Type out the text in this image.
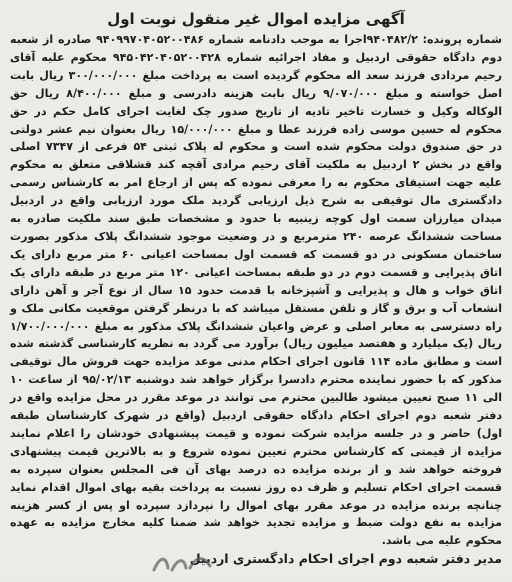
آگهی مزایده اموال غیر منقول نوبت اول
شماره پرونده: ۹۴۰۴۸۲/۲اجرا به موجب دادنامه شماره ۹۴۰۹۹۷۰۴۰۵۲۰۰۴۸۶ صادره از شعبه دوم دادگاه حقوقی اردبیل و مفاد اجرائیه شماره ۹۴۵۰۴۲۰۴۰۵۲۰۰۴۲۸ محکوم علیه آقای رحیم مردادی فرزند سعد اله محکوم گردیده است به پرداخت مبلغ ۳۰۰/۰۰۰/۰۰۰ ریال بابت اصل خواسته و مبلغ ۹/۰۷۰/۰۰۰ ریال بابت هزینه دادرسی و مبلغ ۸/۴۰۰/۰۰۰ ریال حق الوکاله وکیل و خسارت تاخیر تادیه از تاریخ صدور چک لغایت اجرای کامل حکم در حق محکوم له حسین موسی زاده فرزند عطا و مبلغ ۱۵/۰۰۰/۰۰۰ ریال بعنوان نیم عشر دولتی در حق صندوق دولت محکوم شده است و محکوم له پلاک ثبتی ۵۴ فرعی از ۷۳۴۷ اصلی واقع در بخش ۲ اردبیل به ملکیت آقای رحیم مرادی آقچه کند قشلاقی متعلق به محکوم علیه جهت استیفای محکوم به را معرفی نموده که پس از ارجاع امر به کارشناس رسمی دادگستری مال توقیفی به شرح ذیل ارزیابی گردید ملک مورد ارزیابی واقع در اردبیل میدان میارزان سمت اول کوچه زینبیه با حدود و مشخصات طبق سند ملکیت صادره به مساحت ششدانگ عرصه ۲۴۰ مترمربع و در وضعیت موجود ششدانگ پلاک مذکور بصورت ساختمان مسکونی در دو قسمت که قسمت اول بمساحت اعیانی ۶۰ متر مربع دارای یک اتاق پذیرایی و قسمت دوم در دو طبقه بمساحت اعیانی ۱۲۰ متر مربع در طبقه دارای یک اتاق خواب و هال و پذیرایی و آشپزخانه با قدمت حدود ۱۵ سال از نوع آجر و آهن دارای انشعاب آب و برق و گاز و تلفن مستقل میباشد که با درنظر گرفتن موقعیت مکانی ملک و راه دسترسی به معابر اصلی و عرض واعیان ششدانگ پلاک مذکور به مبلغ ۱/۷۰۰/۰۰۰/۰۰۰ ریال (یک میلیارد و هفتصد میلیون ریال) برآورد می گردد به نظریه کارشناسی گذشته شده است و مطابق ماده ۱۱۴ قانون اجرای احکام مدنی موعد مزایده جهت فروش مال توقیفی مذکور که با حضور نماینده محترم دادسرا برگزار خواهد شد دوشنبه ۹۵/۰۲/۱۳ از ساعت ۱۰ الی ۱۱ صبح تعیین میشود طالبین محترم می توانند در موعد مقرر در محل مزایده واقع در دفتر شعبه دوم اجرای احکام دادگاه حقوقی اردبیل (واقع در شهرک کارشناسان طبقه اول) حاضر و در جلسه مزایده شرکت نموده و قیمت پیشنهادی خودشان را اعلام نمایند مزایده از قیمتی که کارشناس محترم تعیین نموده شروع و به بالاترین قیمت پیشنهادی فروخته خواهد شد و از برنده مزایده ده درصد بهای آن فی المجلس بعنوان سپرده به قسمت اجرای احکام تسلیم و ظرف ده روز نسبت به پرداخت بقیه بهای اموال اقدام نماید چنانچه برنده مزایده در موعد مقرر بهای اموال را نپردازد سپرده او پس از کسر هزینه مزایده به نفع دولت ضبط و مزایده تجدید خواهد شد ضمنا کلیه مخارج مزایده به عهده محکوم علیه می باشد.
مدیر دفتر شعبه دوم اجرای احکام دادگستری اردبیل
